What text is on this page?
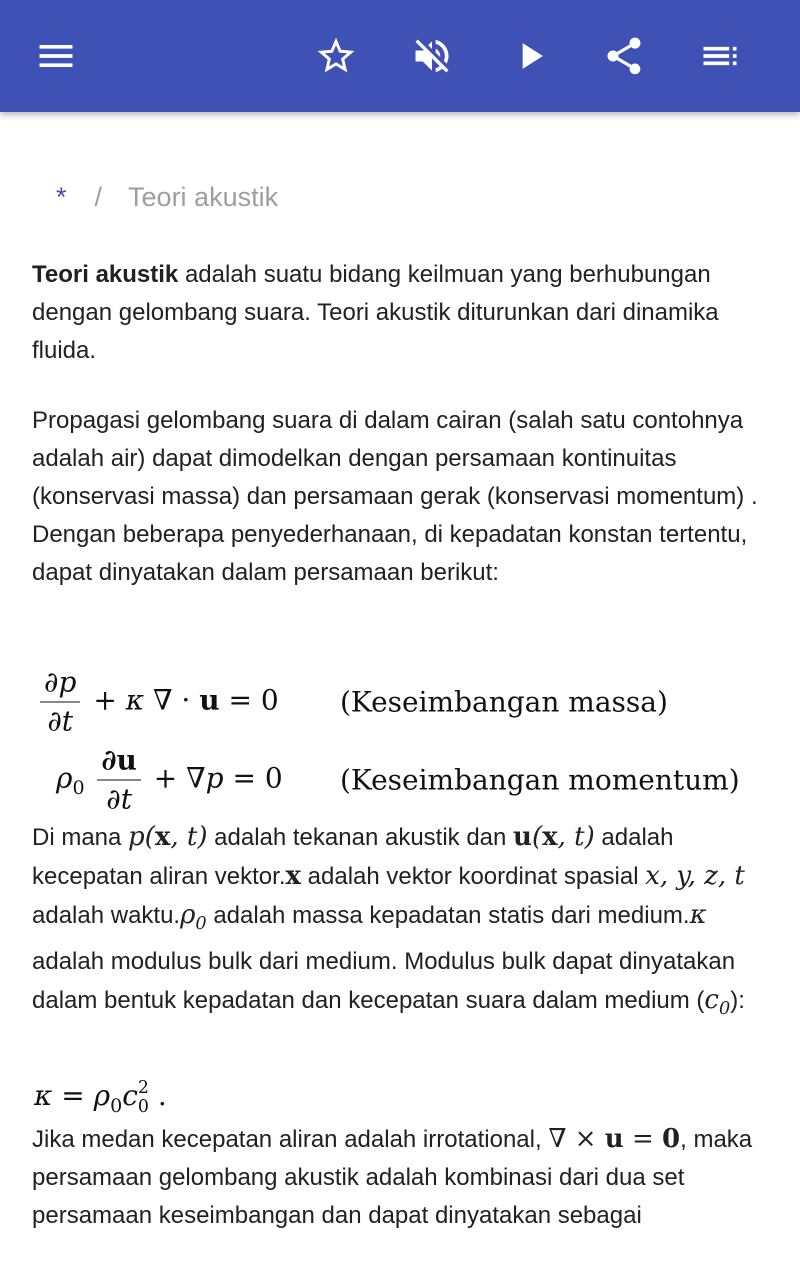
* / Teori akustik
Teori akustik adalah suatu bidang keilmuan yang berhubungan dengan gelombang suara. Teori akustik diturunkan dari dinamika fluida.
Propagasi gelombang suara di dalam cairan (salah satu contohnya adalah air) dapat dimodelkan dengan persamaan kontinuitas (konservasi massa) dan persamaan gerak (konservasi momentum) . Dengan beberapa penyederhanaan, di kepadatan konstan tertentu, dapat dinyatakan dalam persamaan berikut:
$\frac{\partial p}{\partial t} + \kappa$ ∇ · u = 0 (Keseimbangan massa)
$\rho_0 \frac{\partial u}{\partial t} + \nabla p = 0$ (Keseimbangan momentum)
Di mana p(x, t) adalah tekanan akustik dan u(x, t) adalah kecepatan aliran vektor.x adalah vektor koordinat spasial x, y, z, t adalah $waktu.\rho_0$ adalah massa kepadatan statis dari medium.κ adalah modulus bulk dari medium. Modulus bulk dapat dinyatakan dalam bentuk kepadatan dan kecepatan suara dalam medium $(c_0)$:
$\kappa = \rho_0c$ 2
0 .
Jika medan kecepatan aliran adalah irrotational, ∇ × u = 0, maka persamaan gelombang akustik adalah kombinasi dari dua set persamaan keseimbangan dan dapat dinyatakan sebagai
